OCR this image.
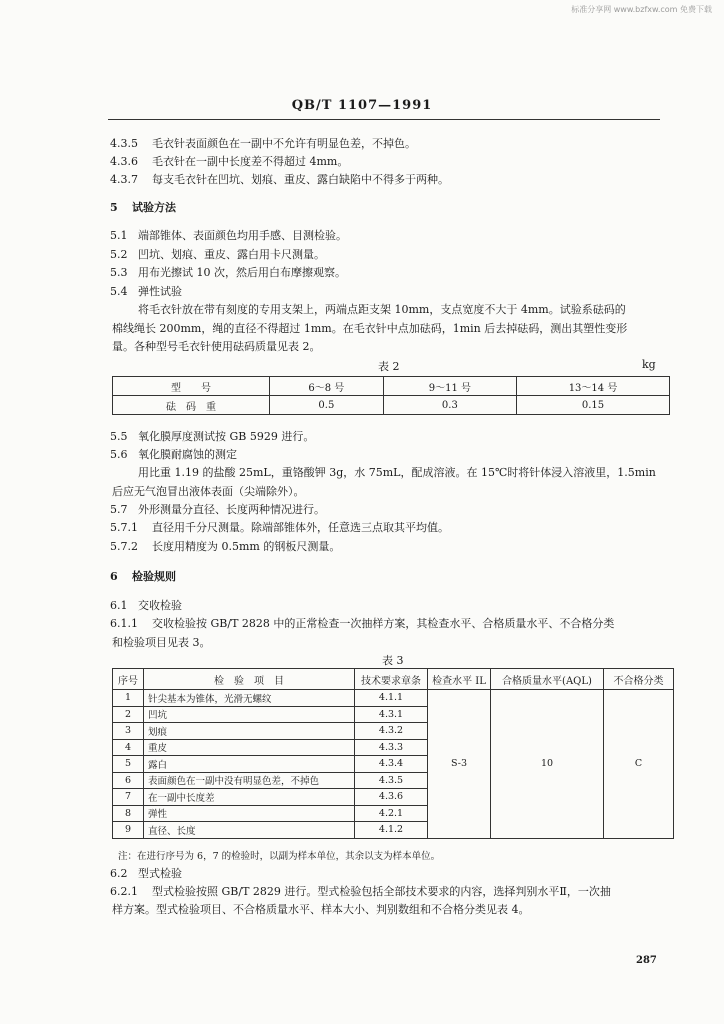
标准分享网 www.bzfxw.com 免费下载
QB/T 1107—1991
4.3.5 毛衣针表面颜色在一副中不允许有明显色差，不掉色。
4.3.6 毛衣针在一副中长度差不得超过 4mm。
4.3.7 每支毛衣针在凹坑、划痕、重皮、露白缺陷中不得多于两种。
5 试验方法
5.1 端部锥体、表面颜色均用手感、目测检验。
5.2 凹坑、划痕、重皮、露白用卡尺测量。
5.3 用布光擦试 10 次，然后用白布摩擦观察。
5.4 弹性试验
将毛衣针放在带有刻度的专用支架上，两端点距支架 10mm，支点宽度不大于 4mm。试验系砝码的
棉线绳长 200mm，绳的直径不得超过 1mm。在毛衣针中点加砝码，1min 后去掉砝码，测出其塑性变形
量。各种型号毛衣针使用砝码质量见表 2。
表 2	kg
型　　号	6～8 号	9～11 号	13～14 号
砝　码　重	0.5	0.3	0.15
5.5 氧化膜厚度测试按 GB 5929 进行。
5.6 氧化膜耐腐蚀的测定
用比重 1.19 的盐酸 25mL，重铬酸钾 3g，水 75mL，配成溶液。在 15℃时将针体浸入溶液里，1.5min
后应无气泡冒出液体表面（尖端除外）。
5.7 外形测量分直径、长度两种情况进行。
5.7.1 直径用千分尺测量。除端部锥体外，任意选三点取其平均值。
5.7.2 长度用精度为 0.5mm 的钢板尺测量。
6 检验规则
6.1 交收检验
6.1.1 交收检验按 GB/T 2828 中的正常检查一次抽样方案，其检查水平、合格质量水平、不合格分类
和检验项目见表 3。
表 3
序号	检　验　项　目	技术要求章条	检查水平 IL	合格质量水平(AQL)	不合格分类
1	针尖基本为锥体，光滑无螺纹	4.1.1	S-3	10	C
2	凹坑	4.3.1			
3	划痕	4.3.2			
4	重皮	4.3.3			
5	露白	4.3.4			
6	表面颜色在一副中没有明显色差，不掉色	4.3.5			
7	在一副中长度差	4.3.6			
8	弹性	4.2.1			
9	直径、长度	4.1.2			
注：在进行序号为 6，7 的检验时，以副为样本单位，其余以支为样本单位。
6.2 型式检验
6.2.1 型式检验按照 GB/T 2829 进行。型式检验包括全部技术要求的内容，选择判别水平Ⅱ，一次抽
样方案。型式检验项目、不合格质量水平、样本大小、判别数组和不合格分类见表 4。
287
